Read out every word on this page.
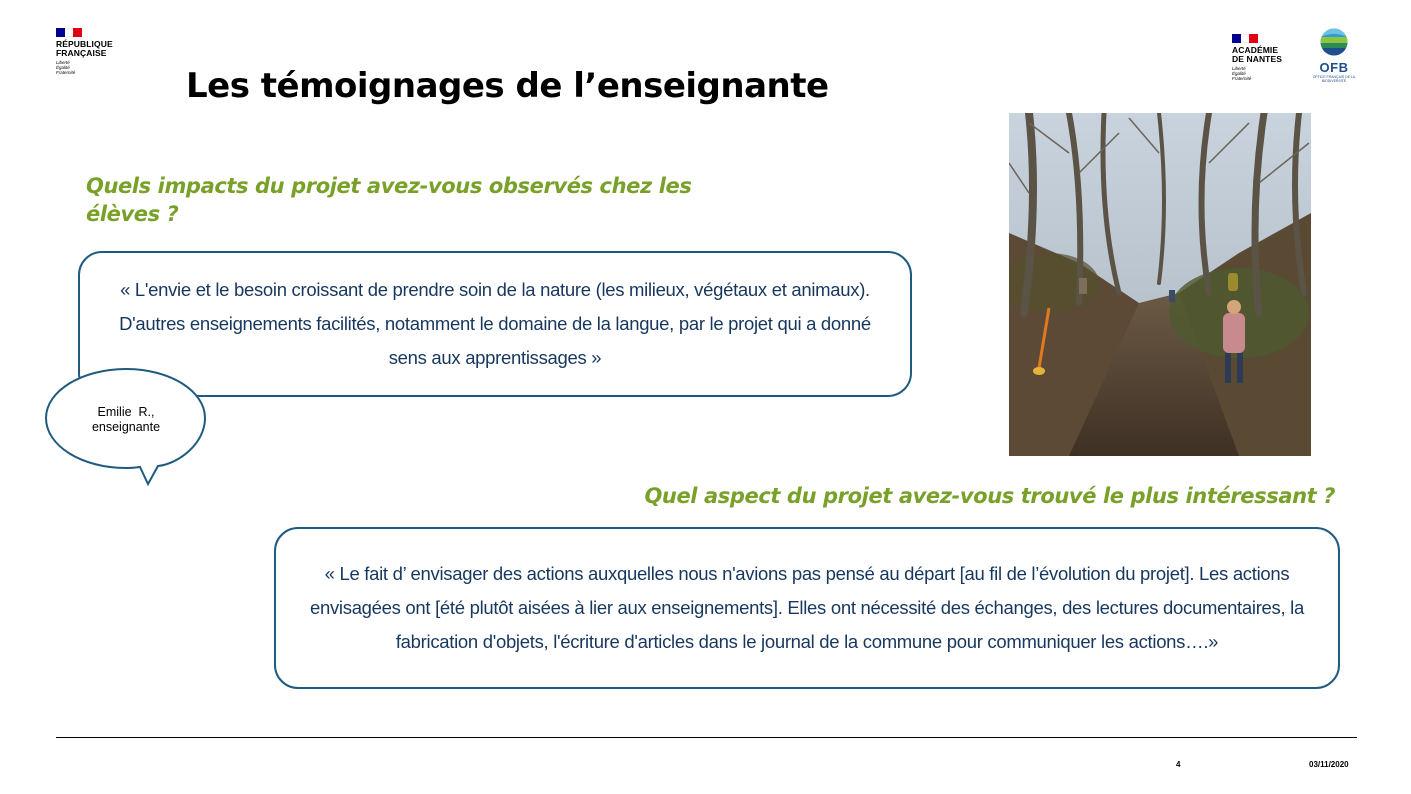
RÉPUBLIQUE
FRANÇAISE
Liberté
Égalité
Fraternité
ACADÉMIE
DE NANTES
Liberté
Égalité
Fraternité
OFB
OFFICE FRANÇAIS DE LA BIODIVERSITÉ
Les témoignages de l’enseignante
Quels impacts du projet avez-vous observés chez les élèves ?
« L'envie et le besoin croissant de prendre soin de la nature (les milieux, végétaux et animaux). D'autres enseignements facilités, notamment le domaine de la langue, par le projet qui a donné sens aux apprentissages »
Emilie  R.,
enseignante
Quel aspect du projet avez-vous trouvé le plus intéressant ?
« Le fait d’ envisager des actions auxquelles nous n'avions pas pensé au départ [au fil de l’évolution du projet]. Les actions envisagées ont [été plutôt aisées à lier aux enseignements]. Elles ont nécessité des échanges, des lectures documentaires, la fabrication d'objets, l'écriture d'articles dans le journal de la commune pour communiquer les actions….»
4	03/11/2020
